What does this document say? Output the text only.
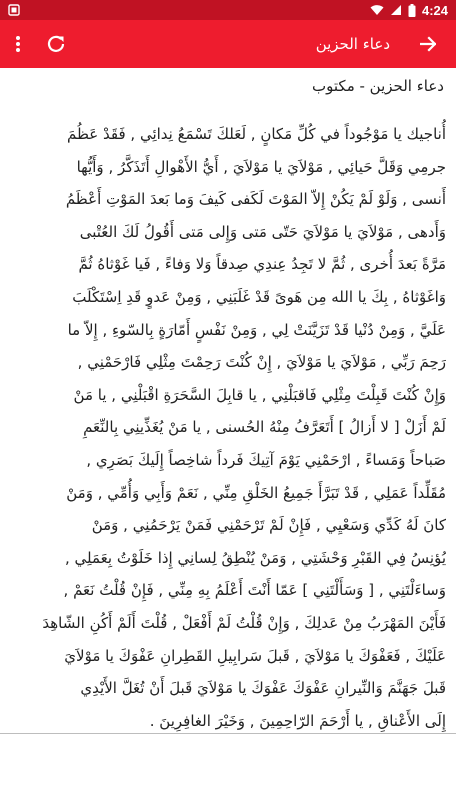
4:24
دعاء الحزين
دعاء الحزين - مكتوب
أُناجيك يا مَوْجُوداً في كُلِّ مَكانٍ , لَعَلكَ تَسْمَعُ نِدائِي , فَقَدْ عَظُمَ
جرمِي وَقَلَّ حَيائِي , مَوْلاَيَ يا مَوْلاَيَ , أَيُّ الأَهْوالِ أَتَذَكَّرُ , وَأَيُّها
أَنسى , وَلَوْ لَمْ يَكُنْ إِلاّ المَوْتَ لَكَفى كَيفَ وَما بَعدَ المَوْتِ أَعْظَمُ
وَأَدهى , مَوْلاَيَ يا مَوْلاَيَ حَتّى مَتى وَإِلى مَتى أَقُولُ لَكَ العُتْبى
مَرَّةً بَعدَ أُخرى , ثُمَّ لا تَجِدُ عِندِي صِدقاً وَلا وَفاءً , فَيا غَوْثاهُ ثُمَّ
وَاغَوْثاهُ , بِكَ يا الله مِن هَوىً قَدْ غَلَبَنِي , وَمِنْ عَدوٍ قَدِ اِسْتَكْلَبَ
عَلَيَّ , وَمِنْ دُنْيا قَدْ تَزَيَّنَتْ لِي , وَمِنْ نَفْسٍ أَمّارَةٍ بِالسّوءِ , إِلاّ ما
رَحِمَ رَبِّي , مَوْلاَيَ يا مَوْلاَيَ , إِنْ كُنْتَ رَحِمْتَ مِثْلِي فَارْحَمْنِي ,
وَإِنْ كُنْتَ قَبِلْتَ مِثْلِي فَاقبَلْنِي , يا قابِلَ السَّحَرَةِ اقْبَلْنِي , يا مَنْ
لَمْ أَزَلْ [ لا أَزالُ ] أَتَعَرَّفُ مِنْهُ الحُسنى , يا مَنْ يُغَذِّينِي بِالنِّعَمِ
صَباحاً وَمَساءً , ارْحَمْنِي يَوْمَ آتِيكَ فَرداً شاخِصاً إِلَيكَ بَصَرِي ,
مُقَلِّداً عَمَلِي , قَدْ تَبَرَّأَ جَمِيعُ الخَلْقِ مِنِّي , نَعَمْ وَأَبِي وَأُمِّي , وَمَنْ
كانَ لَهُ كَدِّي وَسَعْيِي , فَإِنْ لَمْ تَرْحَمْنِي فَمَنْ يَرْحَمُنِي , وَمَنْ
يُؤنِسُ فِي القَبْرِ وَحْشَتِي , وَمَنْ يُنْطِقُ لِسانِي إِذا خَلَوْتُ بِعَمَلِي ,
وَساءَلْتَنِي , [ وَسَأَلْتَنِي ] عَمّا أَنْتَ أَعْلَمُ بِهِ مِنِّي , فَإِنْ قُلْتُ نَعَمْ ,
فَأَيْنَ المَهْرَبُ مِنْ عَدلِكَ , وَإِنْ قُلْتُ لَمْ أَفْعَلْ , قُلْتَ أَلَمْ أَكُنِ الشّاهِدَ
عَلَيْكَ , فَعَفْوَكَ يا مَوْلاَيَ , قَبلَ سَرابِيلِ القَطِرانِ عَفْوَكَ يا مَوْلاَيَ
قَبلَ جَهَنَّمَ وَالنِّيرانِ عَفْوَكَ عَفْوَكَ يا مَوْلاَيَ قَبلَ أَنْ تُغَلَّ الأَيْدِي
إِلَى الأَعْناقِ , يا أَرْحَمَ الرّاحِمِينَ , وَخَيْرَ الغافِرِينَ .
